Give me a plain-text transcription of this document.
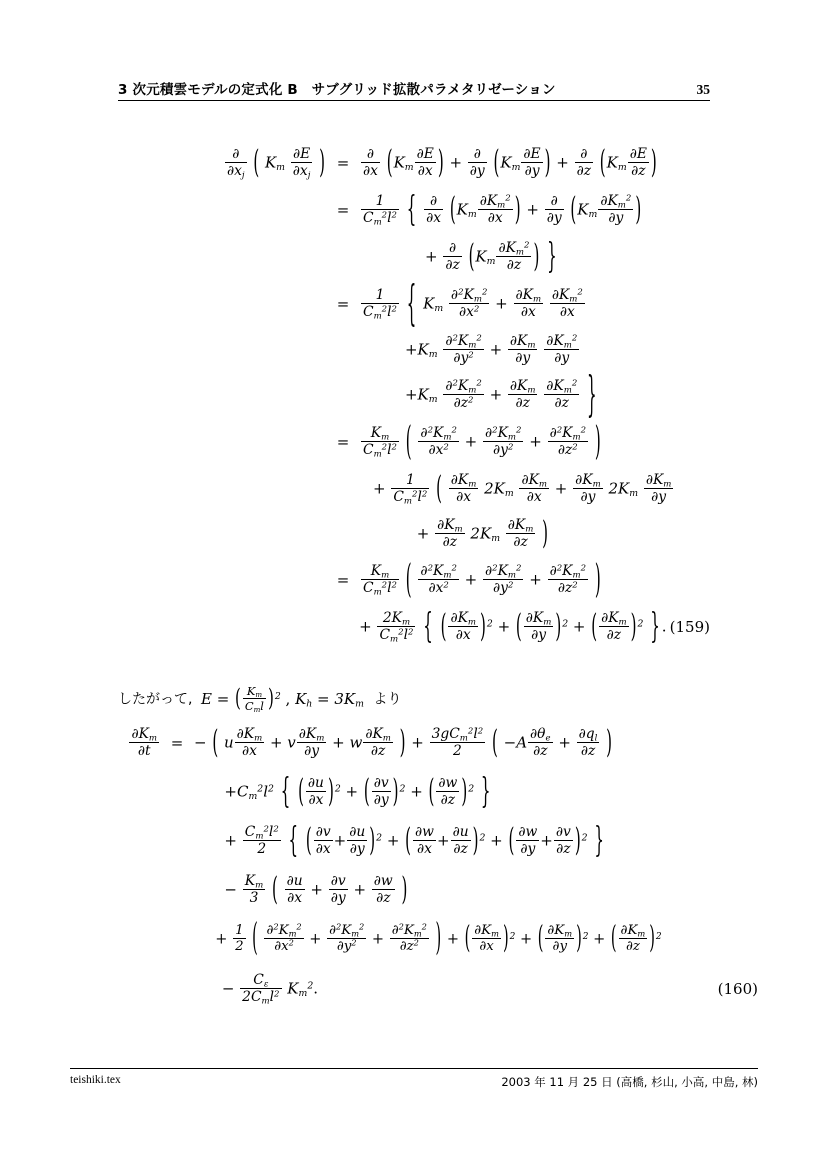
3 次元積雲モデルの定式化 B　サブグリッド拡散パラメタリゼーション	35
$\frac{\partial}{\partial x_j}$ ( $K_m \frac{\partial E}{\partial x_j}$ ) = $\frac{\partial}{\partial x} (K_m \frac{\partial E}{\partial x}$ ) + $\frac{\partial}{\partial y} (K_m \frac{\partial E}{\partial y}$ ) + $\frac{\partial}{\partial z} (K_m \frac{\partial E}{\partial z}$ )
= $\frac{1}{C_m^2l^2}$ { $\frac{\partial}{\partial x} (K_m \frac{\partial K_m^2}{\partial x}$ ) + $\frac{\partial}{\partial y} (K_m \frac{\partial K_m^2}{\partial y}$ )
+ $\frac{\partial}{\partial z} (K_m \frac{\partial K_m^2}{\partial z}$ ) }
= $\frac{1}{C_m^2l^2}$ { $K_m \frac{\partial^2K_m^2}{\partial x^2} + \frac{\partial K_m}{\partial x}$
$\frac{\partial K_m^2}{\partial x}$
$+K_m \frac{\partial^2K_m^2}{\partial y^2} + \frac{\partial K_m}{\partial y}$
$\frac{\partial K_m^2}{\partial y}$
$+K_m \frac{\partial^2K_m^2}{\partial z^2} + \frac{\partial K_m}{\partial z}$
$\frac{\partial K_m^2}{\partial z}$ }
= $\frac{K_m}{C_m^2l^2}$ ( $\frac{\partial^2K_m^2}{\partial x^2} + \frac{\partial^2K_m^2}{\partial y^2} + \frac{\partial^2K_m^2}{\partial z^2}$ )
+ $\frac{1}{C_m^2l^2}$ ( $\frac{\partial K_m}{\partial x} 2K_m \frac{\partial K_m}{\partial x} + \frac{\partial K_m}{\partial y} 2K_m \frac{\partial K_m}{\partial y}$
+ $\frac{\partial K_m}{\partial z} 2K_m \frac{\partial K_m}{\partial z}$ )
= $\frac{K_m}{C_m^2l^2}$ ( $\frac{\partial^2K_m^2}{\partial x^2} + \frac{\partial^2K_m^2}{\partial y^2} + \frac{\partial^2K_m^2}{\partial z^2}$ )
+ $\frac{2K_m}{C_m^2l^2}$ { ( $\frac{\partial K_m}{\partial x} )^2$ + ( $\frac{\partial K_m}{\partial y} )^2$ + ( $\frac{\partial K_m}{\partial z} )^2$ } . (159)
したがって,  E = ( $\frac{K_m}{C_ml} )^2$ , $K_h = 3K_m$ より
$\frac{\partial K_m}{\partial t}$ = − ( u $\frac{\partial K_m}{\partial x} + v \frac{\partial K_m}{\partial y} + w \frac{\partial K_m}{\partial z}$ ) + $\frac{3gC_m^2l^2}{2}$ ( $-A \frac{\partial\theta_e}{\partial z} + \frac{\partial q_l}{\partial z}$ )
$+C_m^2l^2$ { ( $\frac{\partial u}{\partial x} )^2$ + ( $\frac{\partial v}{\partial y} )^2$ + ( $\frac{\partial w}{\partial z} )^2$ }
+ $\frac{C_m^2l^2}{2}$ { ( $\frac{\partial v}{\partial x} + \frac{\partial u}{\partial y} )^2$ + ( $\frac{\partial w}{\partial x} + \frac{\partial u}{\partial z} )^2$ + ( $\frac{\partial w}{\partial y} + \frac{\partial v}{\partial z} )^2$ }
− $\frac{K_m}{3}$ ( $\frac{\partial u}{\partial x} + \frac{\partial v}{\partial y} + \frac{\partial w}{\partial z}$ )
+ $\frac{1}{2}$ ( $\frac{\partial^2K_m^2}{\partial x^2} + \frac{\partial^2K_m^2}{\partial y^2} + \frac{\partial^2K_m^2}{\partial z^2}$ ) + ( $\frac{\partial K_m}{\partial x} )^2$ + ( $\frac{\partial K_m}{\partial y} )^2$ + ( $\frac{\partial K_m}{\partial z} )^2$
− $\frac{C_\varepsilon}{2C_ml^2} K_m^2$.	(160)
teishiki.tex	2003 年 11 月 25 日 (高橋, 杉山, 小高, 中島, 林)
